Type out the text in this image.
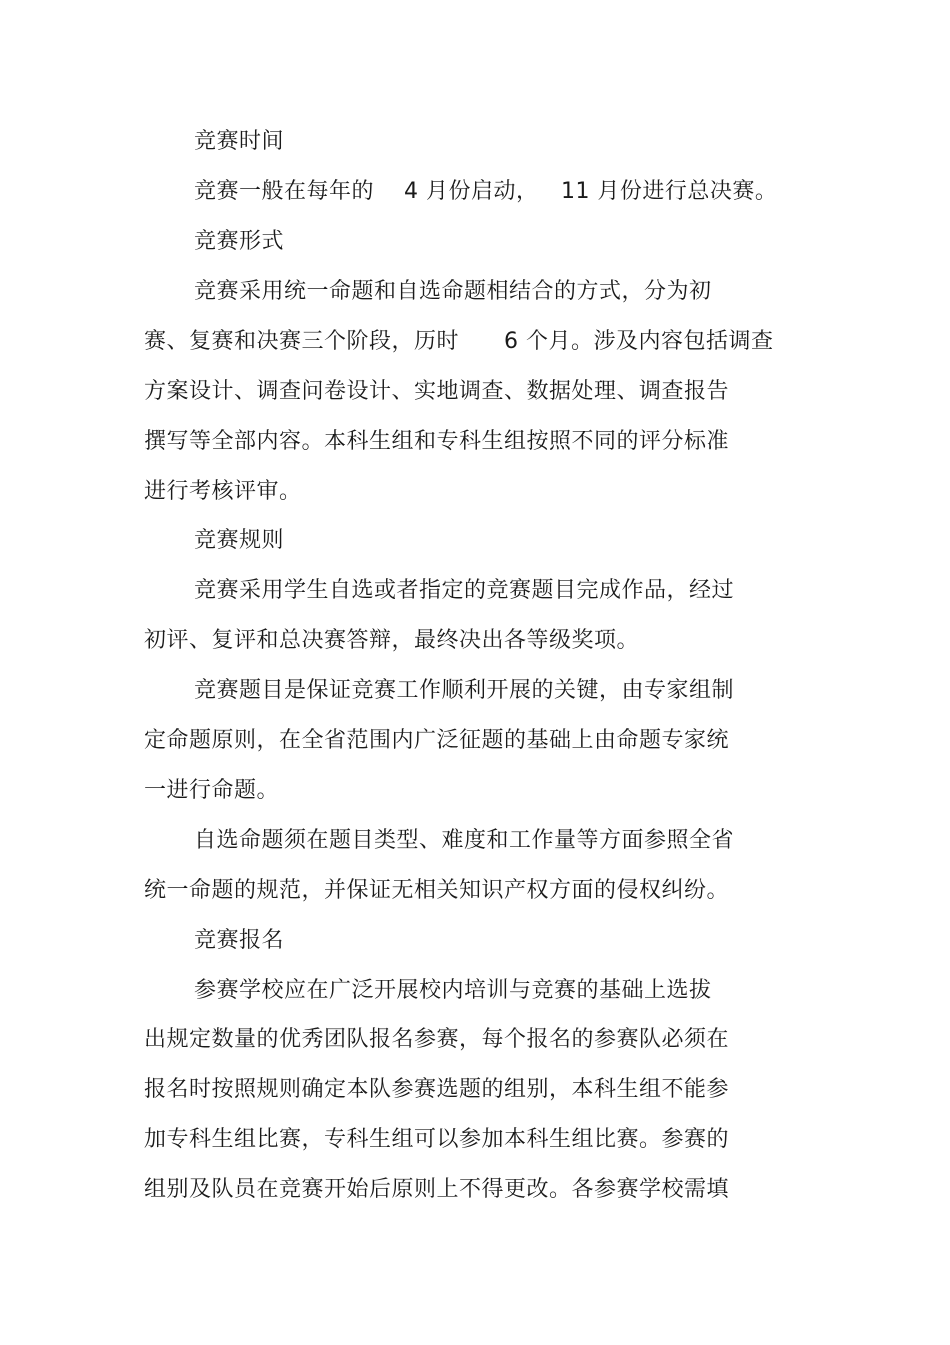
竞赛时间
竞赛一般在每年的    4 月份启动，   11 月份进行总决赛。
竞赛形式
竞赛采用统一命题和自选命题相结合的方式，分为初
赛、复赛和决赛三个阶段，历时      6 个月。涉及内容包括调查
方案设计、调查问卷设计、实地调查、数据处理、调查报告
撰写等全部内容。本科生组和专科生组按照不同的评分标准
进行考核评审。
竞赛规则
竞赛采用学生自选或者指定的竞赛题目完成作品，经过
初评、复评和总决赛答辩，最终决出各等级奖项。
竞赛题目是保证竞赛工作顺利开展的关键，由专家组制
定命题原则，在全省范围内广泛征题的基础上由命题专家统
一进行命题。
自选命题须在题目类型、难度和工作量等方面参照全省
统一命题的规范，并保证无相关知识产权方面的侵权纠纷。
竞赛报名
参赛学校应在广泛开展校内培训与竞赛的基础上选拔
出规定数量的优秀团队报名参赛，每个报名的参赛队必须在
报名时按照规则确定本队参赛选题的组别，本科生组不能参
加专科生组比赛，专科生组可以参加本科生组比赛。参赛的
组别及队员在竞赛开始后原则上不得更改。各参赛学校需填
